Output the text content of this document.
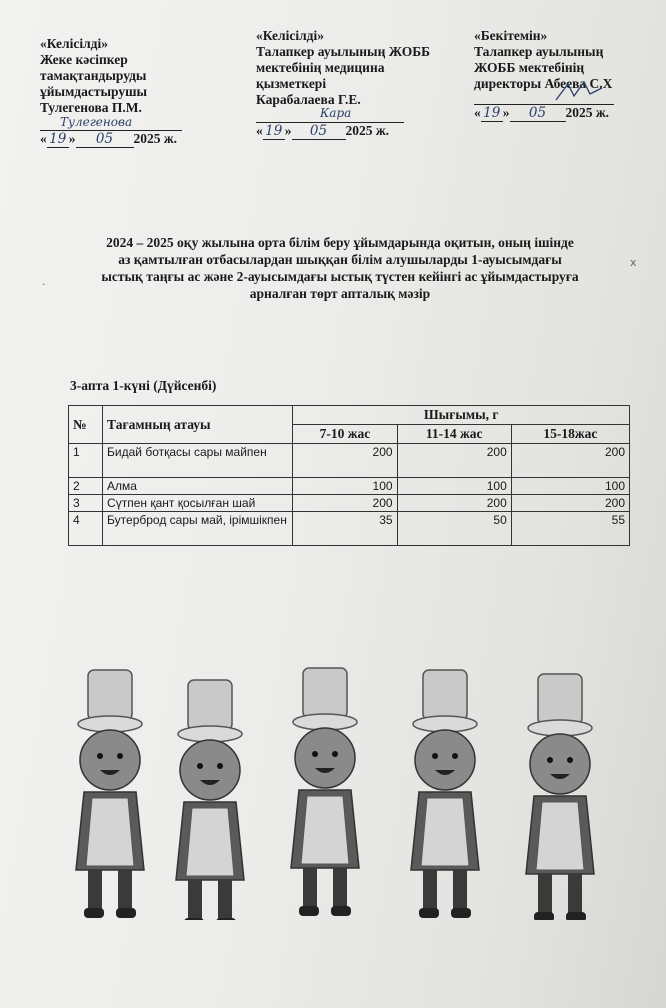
«Келісілді»
Жеке кәсіпкер
тамақтандыруды
ұйымдастырушы
Тулегенова П.М.
Тулегенова
« 19 » 05 2025 ж.
«Келісілді»
Талапкер ауылының ЖОББ
мектебінің медицина
қызметкері
Карабалаева Г.Е.
Кара
« 19 » 05 2025 ж.
«Бекітемін»
Талапкер ауылының
ЖОББ мектебінің
директоры Абеева С.Х
« 19 » 05 2025 ж.
2024 – 2025 оқу жылына орта білім беру ұйымдарында оқитын, оның ішінде
аз қамтылған отбасылардан шыққан білім алушыларды 1-ауысымдағы
ыстық таңғы ас және 2-ауысымдағы ыстық түстен кейінгі ас ұйымдастыруға
арналған төрт апталық мәзір
x
·
3-апта 1-күні (Дүйсенбі)
№	Тағамның атауы	Шығымы, г		
		7-10 жас	11-14 жас	15-18жас
1	Бидай ботқасы сары майпен	200	200	200
2	Алма	100	100	100
3	Сүтпен қант қосылған шай	200	200	200
4	Бутерброд сары май, ірімшікпен	35	50	55
